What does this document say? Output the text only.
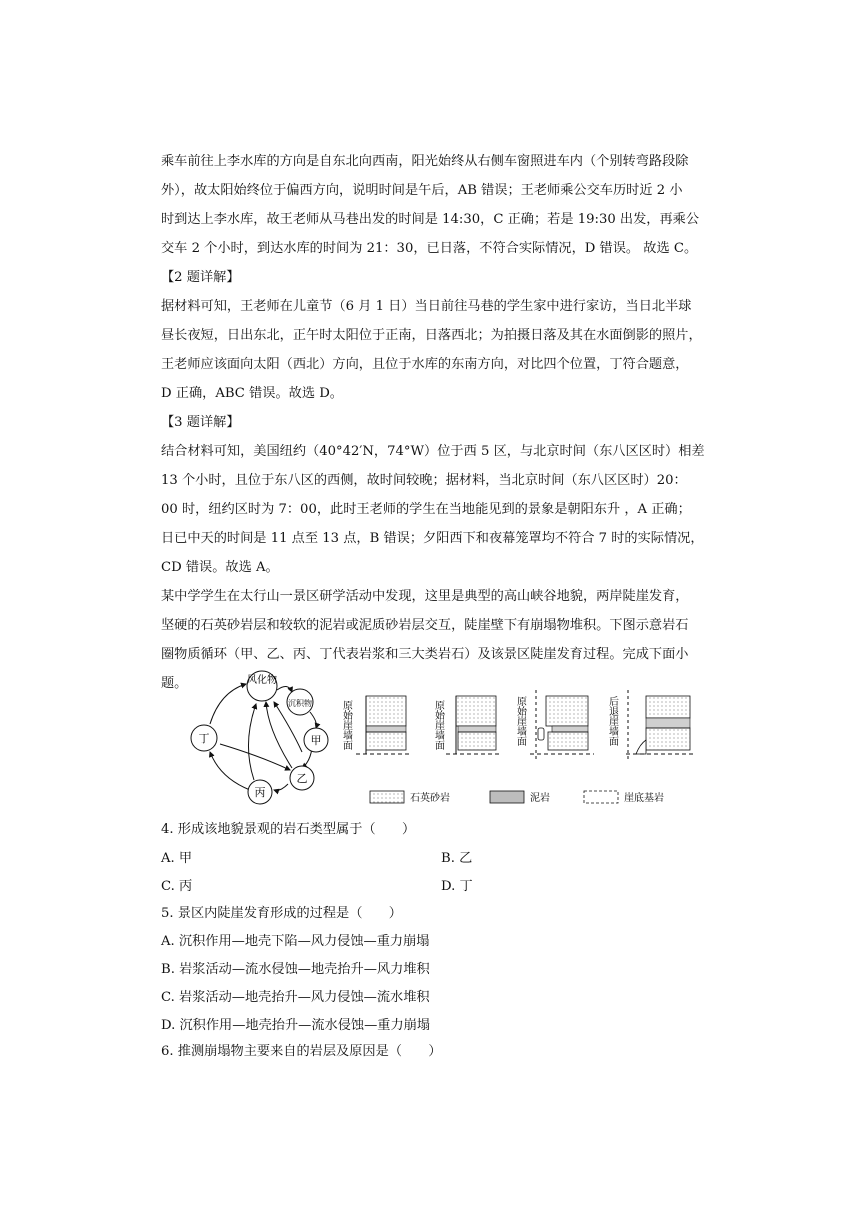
乘车前往上李水库的方向是自东北向西南，阳光始终从右侧车窗照进车内（个别转弯路段除
外），故太阳始终位于偏西方向，说明时间是午后，AB 错误；王老师乘公交车历时近 2 小
时到达上李水库，故王老师从马巷出发的时间是 14:30，C 正确；若是 19:30 出发，再乘公
交车 2 个小时，到达水库的时间为 21：30，已日落，不符合实际情况，D 错误。 故选 C。
【2 题详解】
据材料可知，王老师在儿童节（6 月 1 日）当日前往马巷的学生家中进行家访，当日北半球
昼长夜短，日出东北，正午时太阳位于正南，日落西北；为拍摄日落及其在水面倒影的照片，
王老师应该面向太阳（西北）方向，且位于水库的东南方向，对比四个位置，丁符合题意，
D 正确，ABC 错误。故选 D。
【3 题详解】
结合材料可知，美国纽约（40°42′N，74°W）位于西 5 区，与北京时间（东八区区时）相差
13 个小时，且位于东八区的西侧，故时间较晚；据材料，当北京时间（东八区区时）20：
00 时，纽约区时为 7：00，此时王老师的学生在当地能见到的景象是朝阳东升 ，A 正确；
日已中天的时间是 11 点至 13 点，B 错误；夕阳西下和夜幕笼罩均不符合 7 时的实际情况，
CD 错误。故选 A。
某中学学生在太行山一景区研学活动中发现，这里是典型的高山峡谷地貌，两岸陡崖发育，
坚硬的石英砂岩层和较软的泥岩或泥质砂岩层交互，陡崖壁下有崩塌物堆积。下图示意岩石
圈物质循环（甲、乙、丙、丁代表岩浆和三大类岩石）及该景区陡崖发育过程。完成下面小
题。	风化物
沉积物
甲
乙
丙
丁	原始崖墙面	原始崖墙面	原始崖墙面	后退崖墙面
石英砂岩	泥岩	崖底基岩
4. 形成该地貌景观的岩石类型属于（　　）
A. 甲	B. 乙
C. 丙	D. 丁
5. 景区内陡崖发育形成的过程是（　　）
A. 沉积作用—地壳下陷—风力侵蚀—重力崩塌
B. 岩浆活动—流水侵蚀—地壳抬升—风力堆积
C. 岩浆活动—地壳抬升—风力侵蚀—流水堆积
D. 沉积作用—地壳抬升—流水侵蚀—重力崩塌
6. 推测崩塌物主要来自的岩层及原因是（　　）
